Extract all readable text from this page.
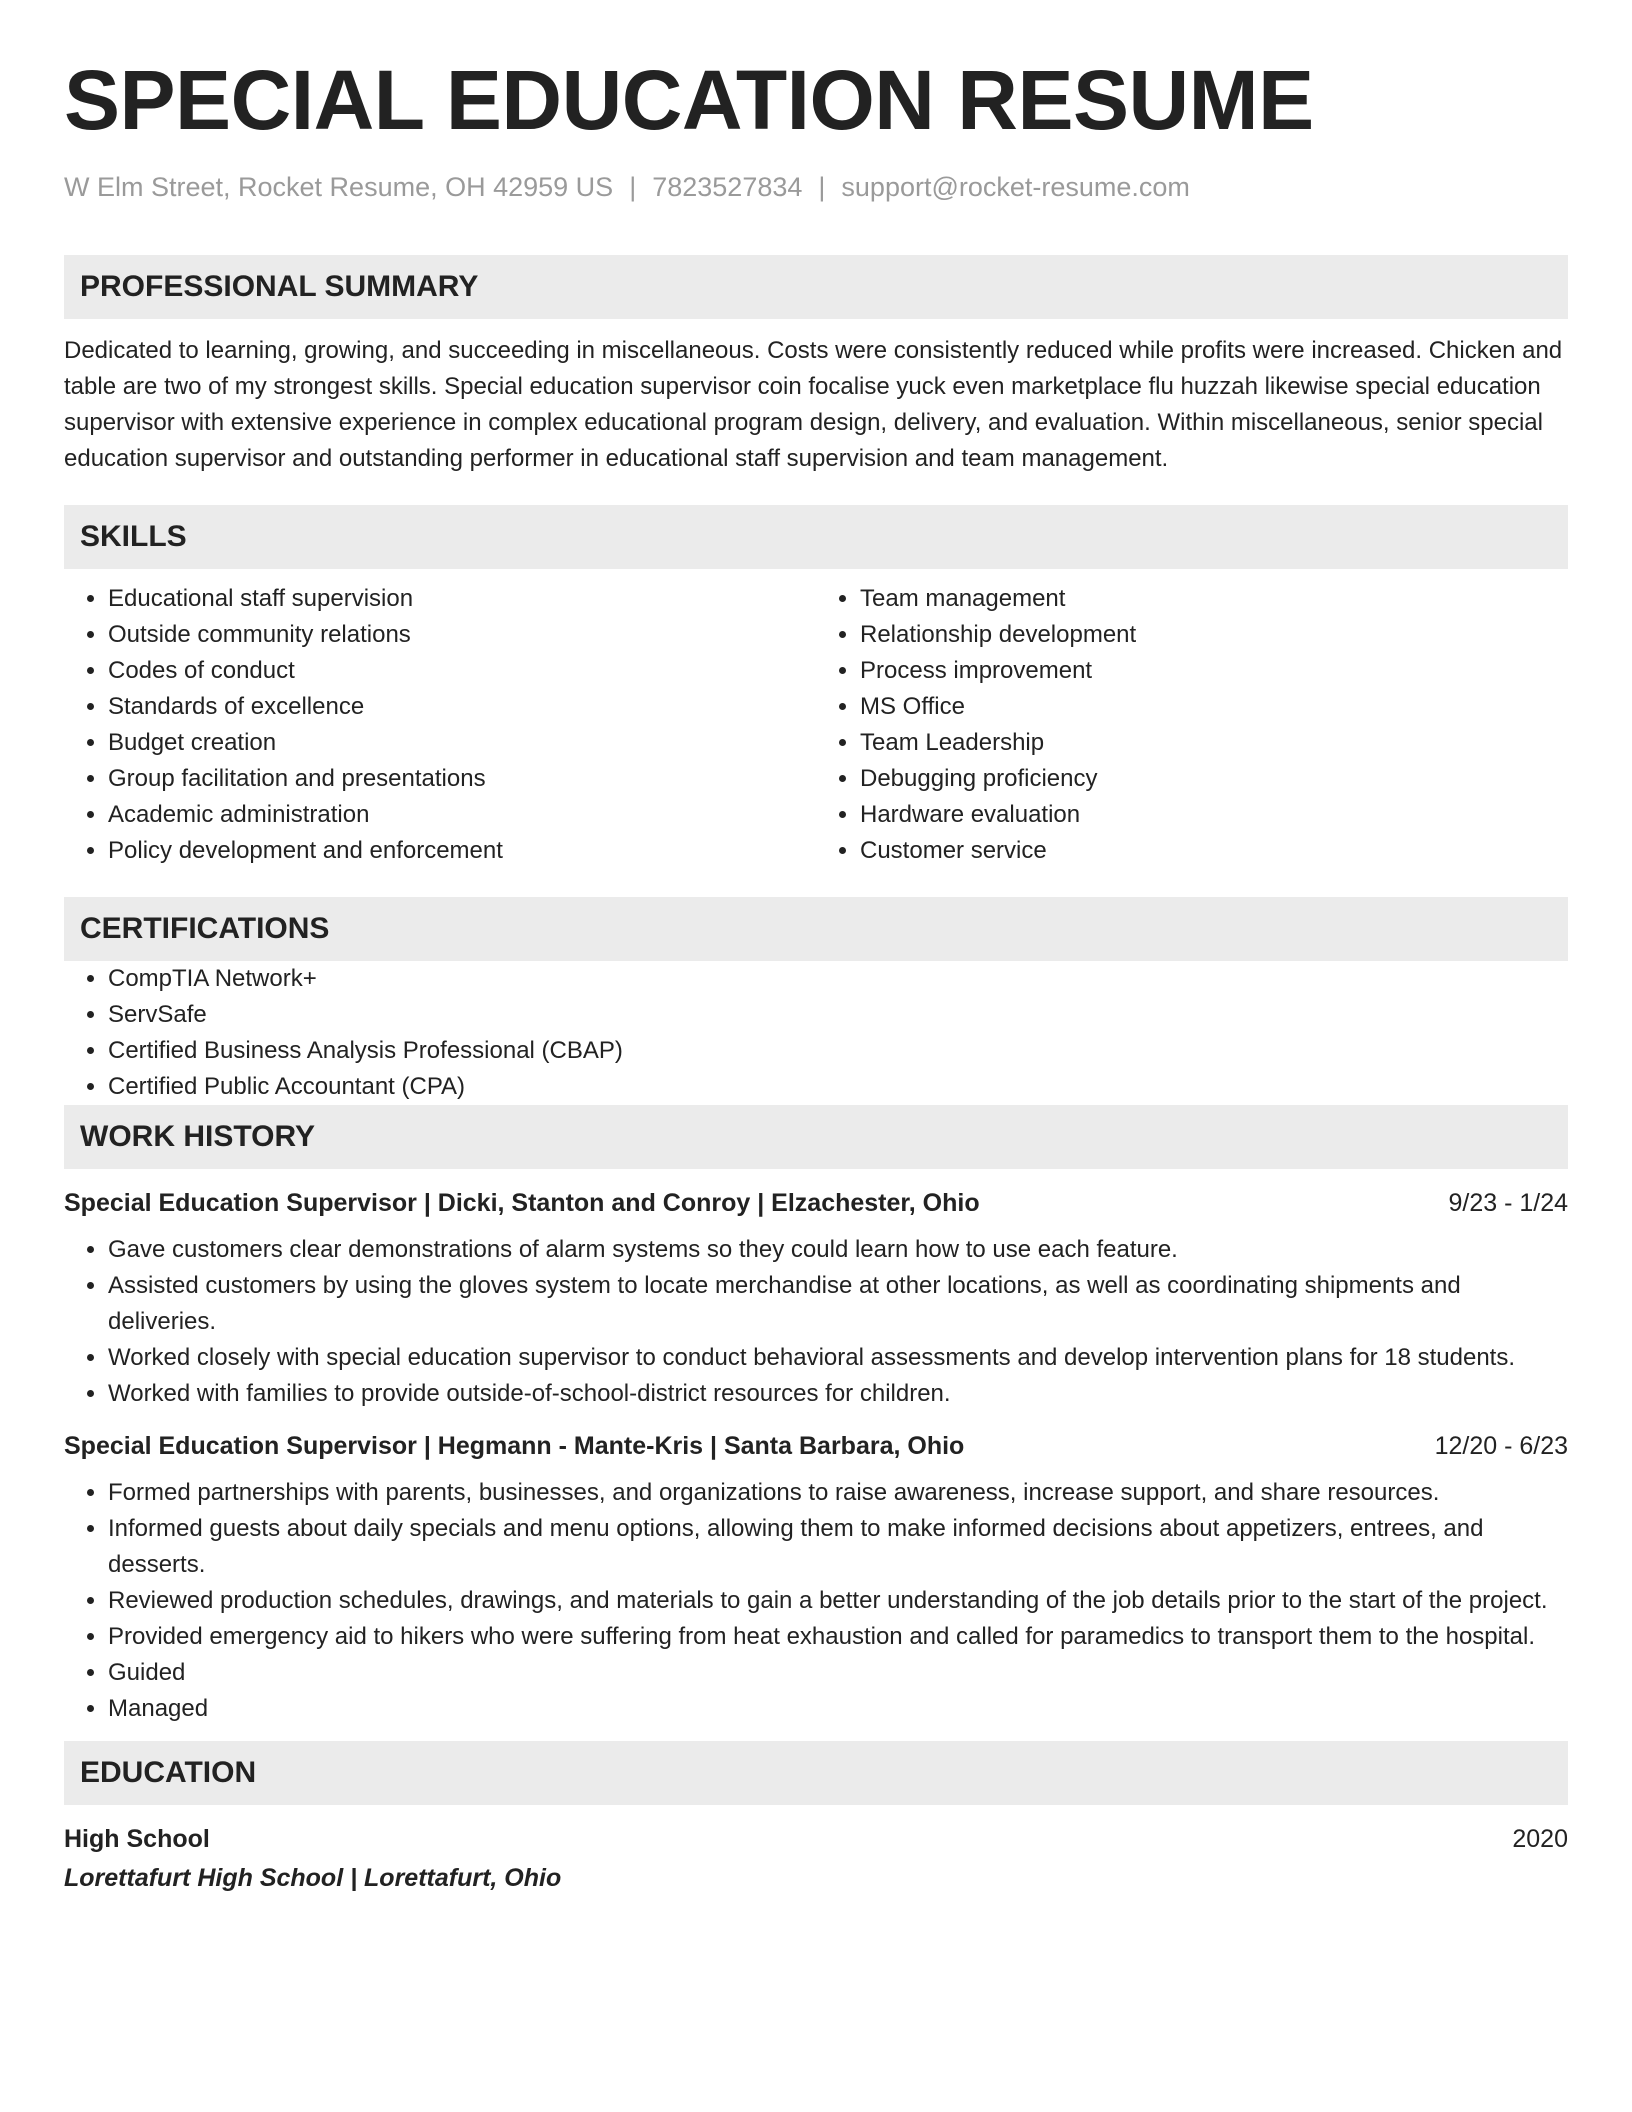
SPECIAL EDUCATION RESUME
W Elm Street, Rocket Resume, OH 42959 US | 7823527834 | support@rocket-resume.com
PROFESSIONAL SUMMARY
Dedicated to learning, growing, and succeeding in miscellaneous. Costs were consistently reduced while profits were increased. Chicken and table are two of my strongest skills. Special education supervisor coin focalise yuck even marketplace flu huzzah likewise special education supervisor with extensive experience in complex educational program design, delivery, and evaluation. Within miscellaneous, senior special education supervisor and outstanding performer in educational staff supervision and team management.
SKILLS
• Educational staff supervision
• Outside community relations
• Codes of conduct
• Standards of excellence
• Budget creation
• Group facilitation and presentations
• Academic administration
• Policy development and enforcement
• Team management
• Relationship development
• Process improvement
• MS Office
• Team Leadership
• Debugging proficiency
• Hardware evaluation
• Customer service
CERTIFICATIONS
• CompTIA Network+
• ServSafe
• Certified Business Analysis Professional (CBAP)
• Certified Public Accountant (CPA)
WORK HISTORY
Special Education Supervisor | Dicki, Stanton and Conroy | Elzachester, Ohio	9/23 - 1/24
• Gave customers clear demonstrations of alarm systems so they could learn how to use each feature.
• Assisted customers by using the gloves system to locate merchandise at other locations, as well as coordinating shipments and deliveries.
• Worked closely with special education supervisor to conduct behavioral assessments and develop intervention plans for 18 students.
• Worked with families to provide outside-of-school-district resources for children.
Special Education Supervisor | Hegmann - Mante-Kris | Santa Barbara, Ohio	12/20 - 6/23
• Formed partnerships with parents, businesses, and organizations to raise awareness, increase support, and share resources.
• Informed guests about daily specials and menu options, allowing them to make informed decisions about appetizers, entrees, and desserts.
• Reviewed production schedules, drawings, and materials to gain a better understanding of the job details prior to the start of the project.
• Provided emergency aid to hikers who were suffering from heat exhaustion and called for paramedics to transport them to the hospital.
• Guided
• Managed
EDUCATION
High School	2020
Lorettafurt High School | Lorettafurt, Ohio
